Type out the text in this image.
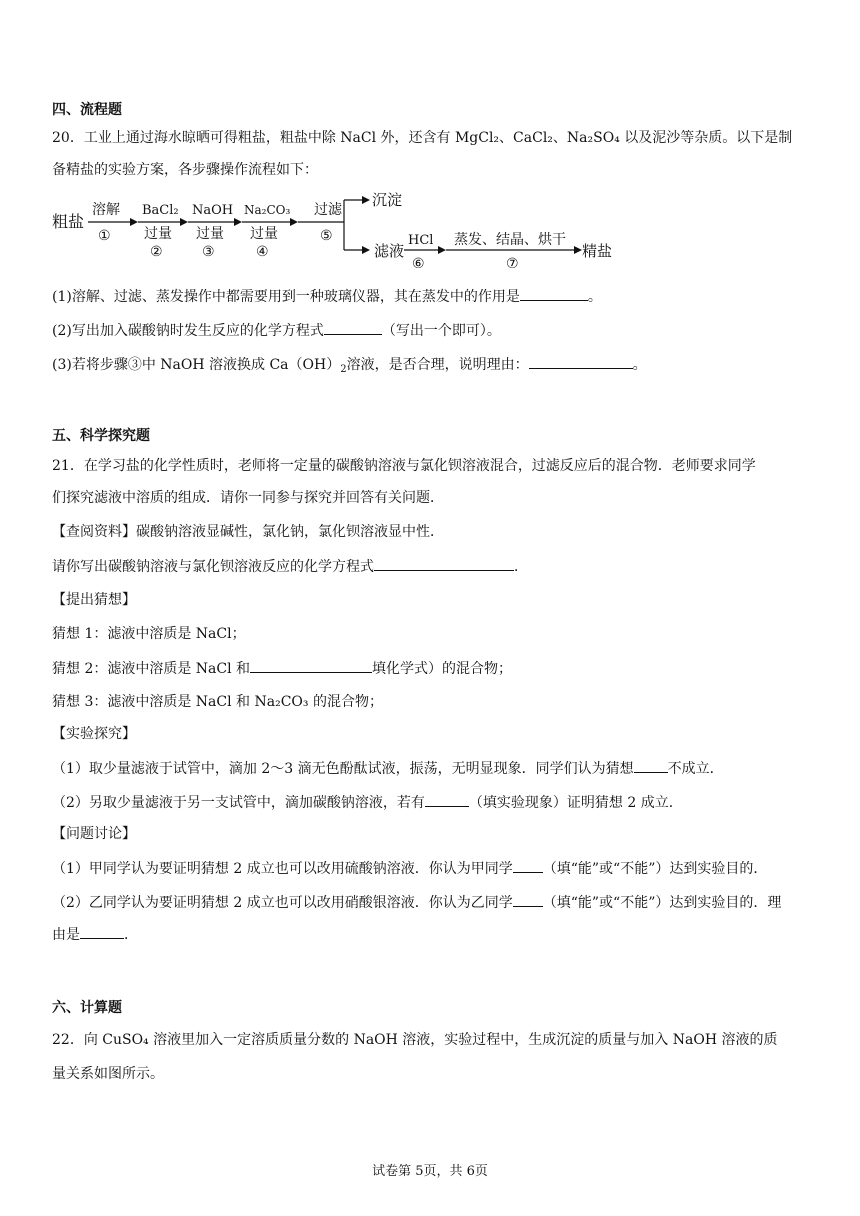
四、流程题
20．工业上通过海水晾晒可得粗盐，粗盐中除 NaCl 外，还含有 MgCl₂、CaCl₂、Na₂SO₄ 以及泥沙等杂质。以下是制
备精盐的实验方案，各步骤操作流程如下：
粗盐
溶解
①
BaCl₂
过量
②
NaOH
过量
③
Na₂CO₃
过量
④
过滤
⑤
沉淀
滤液
HCl
⑥
蒸发、结晶、烘干
⑦
精盐
(1)溶解、过滤、蒸发操作中都需要用到一种玻璃仪器，其在蒸发中的作用是	。
(2)写出加入碳酸钠时发生反应的化学方程式	（写出一个即可）。
(3)若将步骤③中 NaOH 溶液换成 $Ca(OH)_2$溶液，是否合理，说明理由：	。
五、科学探究题
21．在学习盐的化学性质时，老师将一定量的碳酸钠溶液与氯化钡溶液混合，过滤反应后的混合物．老师要求同学
们探究滤液中溶质的组成．请你一同参与探究并回答有关问题．
【查阅资料】碳酸钠溶液显碱性，氯化钠，氯化钡溶液显中性．
请你写出碳酸钠溶液与氯化钡溶液反应的化学方程式	．
【提出猜想】
猜想 1：滤液中溶质是 NaCl；
猜想 2：滤液中溶质是 NaCl 和	填化学式）的混合物；
猜想 3：滤液中溶质是 NaCl 和 Na₂CO₃ 的混合物；
【实验探究】
（1）取少量滤液于试管中，滴加 2～3 滴无色酚酞试液，振荡，无明显现象．同学们认为猜想 不成立．
（2）另取少量滤液于另一支试管中，滴加碳酸钠溶液，若有	（填实验现象）证明猜想 2 成立．
【问题讨论】
（1）甲同学认为要证明猜想 2 成立也可以改用硫酸钠溶液．你认为甲同学 （填“能”或“不能”）达到实验目的．
（2）乙同学认为要证明猜想 2 成立也可以改用硝酸银溶液．你认为乙同学 （填“能”或“不能”）达到实验目的．理
由是	．
六、计算题
22．向 CuSO₄ 溶液里加入一定溶质质量分数的 NaOH 溶液，实验过程中，生成沉淀的质量与加入 NaOH 溶液的质
量关系如图所示。
试卷第 5页，共 6页
